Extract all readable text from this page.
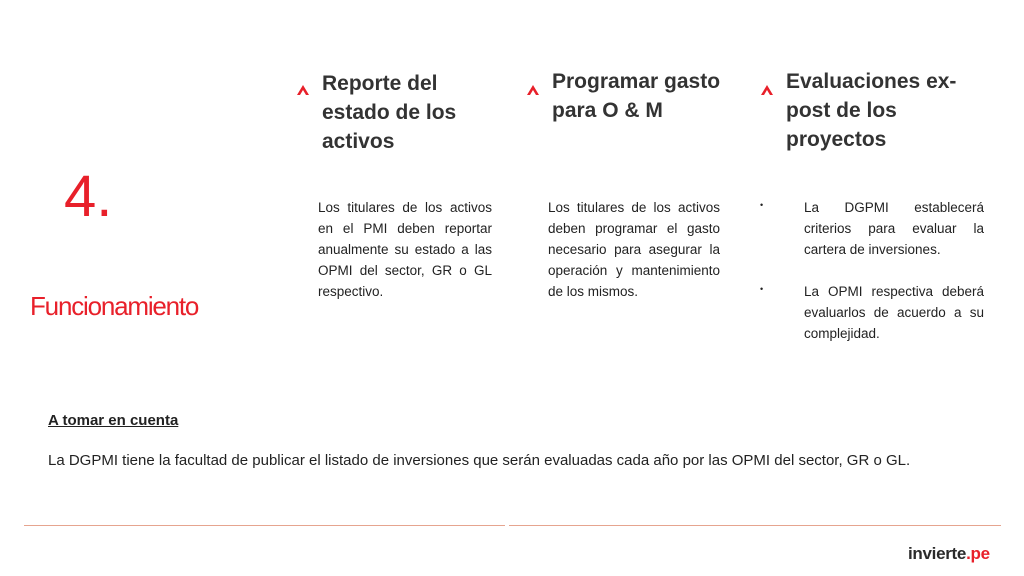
4.
Funcionamiento
Reporte del estado de los activos
Los titulares de los activos en el PMI deben reportar anualmente su estado a las OPMI del sector, GR o GL respectivo.
Programar gasto para O & M
Los titulares de los activos deben programar el gasto necesario para asegurar la operación y mantenimiento de los mismos.
Evaluaciones ex-post de los proyectos
•	La DGPMI establecerá criterios para evaluar la cartera de inversiones.
•	La OPMI respectiva deberá evaluarlos de acuerdo a su complejidad.
A tomar en cuenta
La DGPMI tiene la facultad de publicar el listado de inversiones que serán evaluadas cada año por las OPMI del sector, GR o GL.
invierte.pe
